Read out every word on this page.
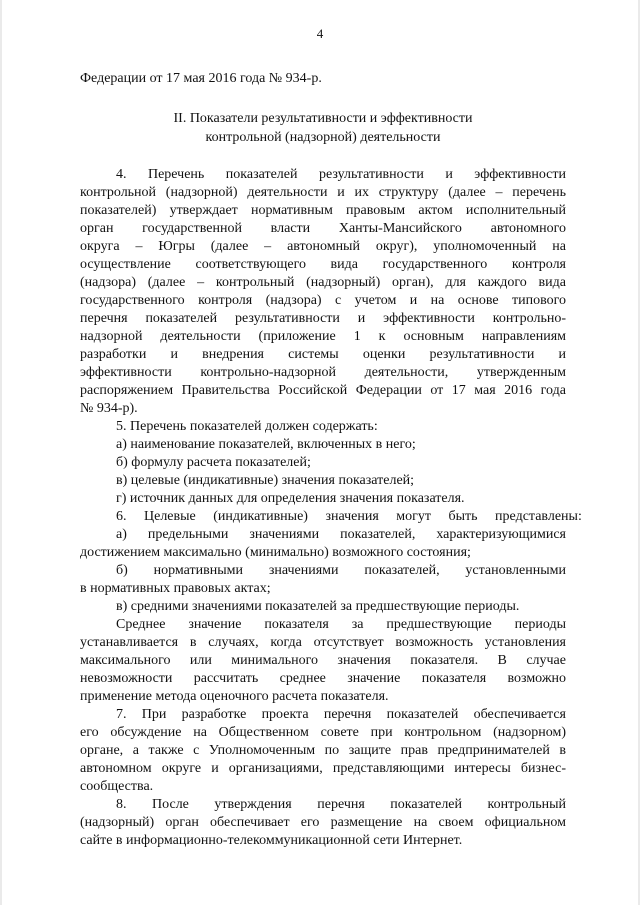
4
Федерации от 17 мая 2016 года № 934-р.
II. Показатели результативности и эффективности
контрольной (надзорной) деятельности
4. Перечень показателей результативности и эффективности
контрольной (надзорной) деятельности и их структуру (далее – перечень
показателей) утверждает нормативным правовым актом исполнительный
орган государственной власти Ханты-Мансийского автономного
округа – Югры (далее – автономный округ), уполномоченный на
осуществление соответствующего вида государственного контроля
(надзора) (далее – контрольный (надзорный) орган), для каждого вида
государственного контроля (надзора) с учетом и на основе типового
перечня показателей результативности и эффективности контрольно-
надзорной деятельности (приложение 1 к основным направлениям
разработки и внедрения системы оценки результативности и
эффективности контрольно-надзорной деятельности, утвержденным
распоряжением Правительства Российской Федерации от 17 мая 2016 года
№ 934-р).
5. Перечень показателей должен содержать:
а) наименование показателей, включенных в него;
б) формулу расчета показателей;
в) целевые (индикативные) значения показателей;
г) источник данных для определения значения показателя.
6. Целевые (индикативные) значения могут быть представлены:
а) предельными значениями показателей, характеризующимися
достижением максимально (минимально) возможного состояния;
б) нормативными значениями показателей, установленными
в нормативных правовых актах;
в) средними значениями показателей за предшествующие периоды.
Среднее значение показателя за предшествующие периоды
устанавливается в случаях, когда отсутствует возможность установления
максимального или минимального значения показателя. В случае
невозможности рассчитать среднее значение показателя возможно
применение метода оценочного расчета показателя.
7. При разработке проекта перечня показателей обеспечивается
его обсуждение на Общественном совете при контрольном (надзорном)
органе, а также с Уполномоченным по защите прав предпринимателей в
автономном округе и организациями, представляющими интересы бизнес-
сообщества.
8. После утверждения перечня показателей контрольный
(надзорный) орган обеспечивает его размещение на своем официальном
сайте в информационно-телекоммуникационной сети Интернет.
